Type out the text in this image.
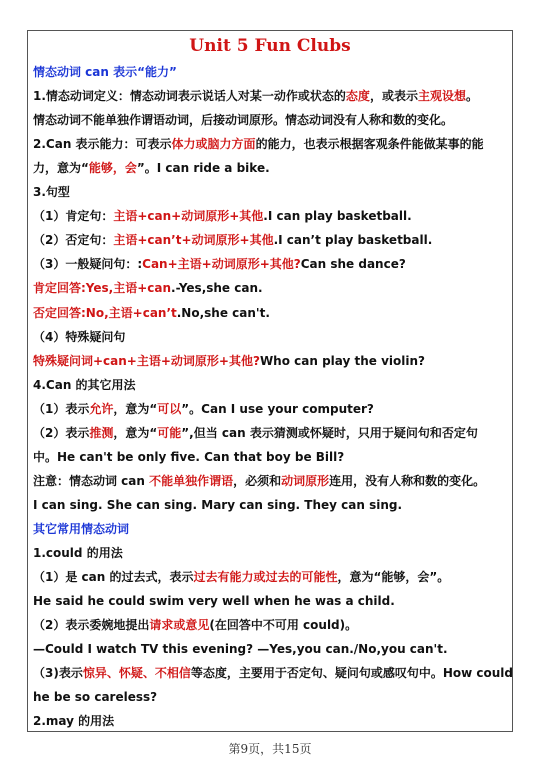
Unit 5 Fun Clubs
情态动词 can 表示“能力”
1.情态动词定义：情态动词表示说话人对某一动作或状态的态度，或表示主观设想。
情态动词不能单独作谓语动词，后接动词原形。情态动词没有人称和数的变化。
2.Can 表示能力：可表示体力或脑力方面的能力，也表示根据客观条件能做某事的能
力，意为“能够，会”。I can ride a bike.
3.句型
（1）肯定句：主语+can+动词原形+其他.I can play basketball.
（2）否定句：主语+can’t+动词原形+其他.I can’t play basketball.
（3）一般疑问句：:Can+主语+动词原形+其他?Can she dance?
肯定回答:Yes,主语+can.-Yes,she can.
否定回答:No,主语+can’t.No,she can't.
（4）特殊疑问句
特殊疑问词+can+主语+动词原形+其他?Who can play the violin?
4.Can 的其它用法
（1）表示允许，意为“可以”。Can I use your computer?
（2）表示推测，意为“可能”,但当 can 表示猜测或怀疑时，只用于疑问句和否定句
中。He can't be only five. Can that boy be Bill?
注意：情态动词 can 不能单独作谓语，必须和动词原形连用，没有人称和数的变化。
I can sing. She can sing. Mary can sing. They can sing.
其它常用情态动词
1.could 的用法
（1）是 can 的过去式，表示过去有能力或过去的可能性，意为“能够，会”。
He said he could swim very well when he was a child.
（2）表示委婉地提出请求或意见(在回答中不可用 could)。
—Could I watch TV this evening? —Yes,you can./No,you can't.
（3)表示惊异、怀疑、不相信等态度，主要用于否定句、疑问句或感叹句中。How could
he be so careless?
2.may 的用法
第9页，共15页
